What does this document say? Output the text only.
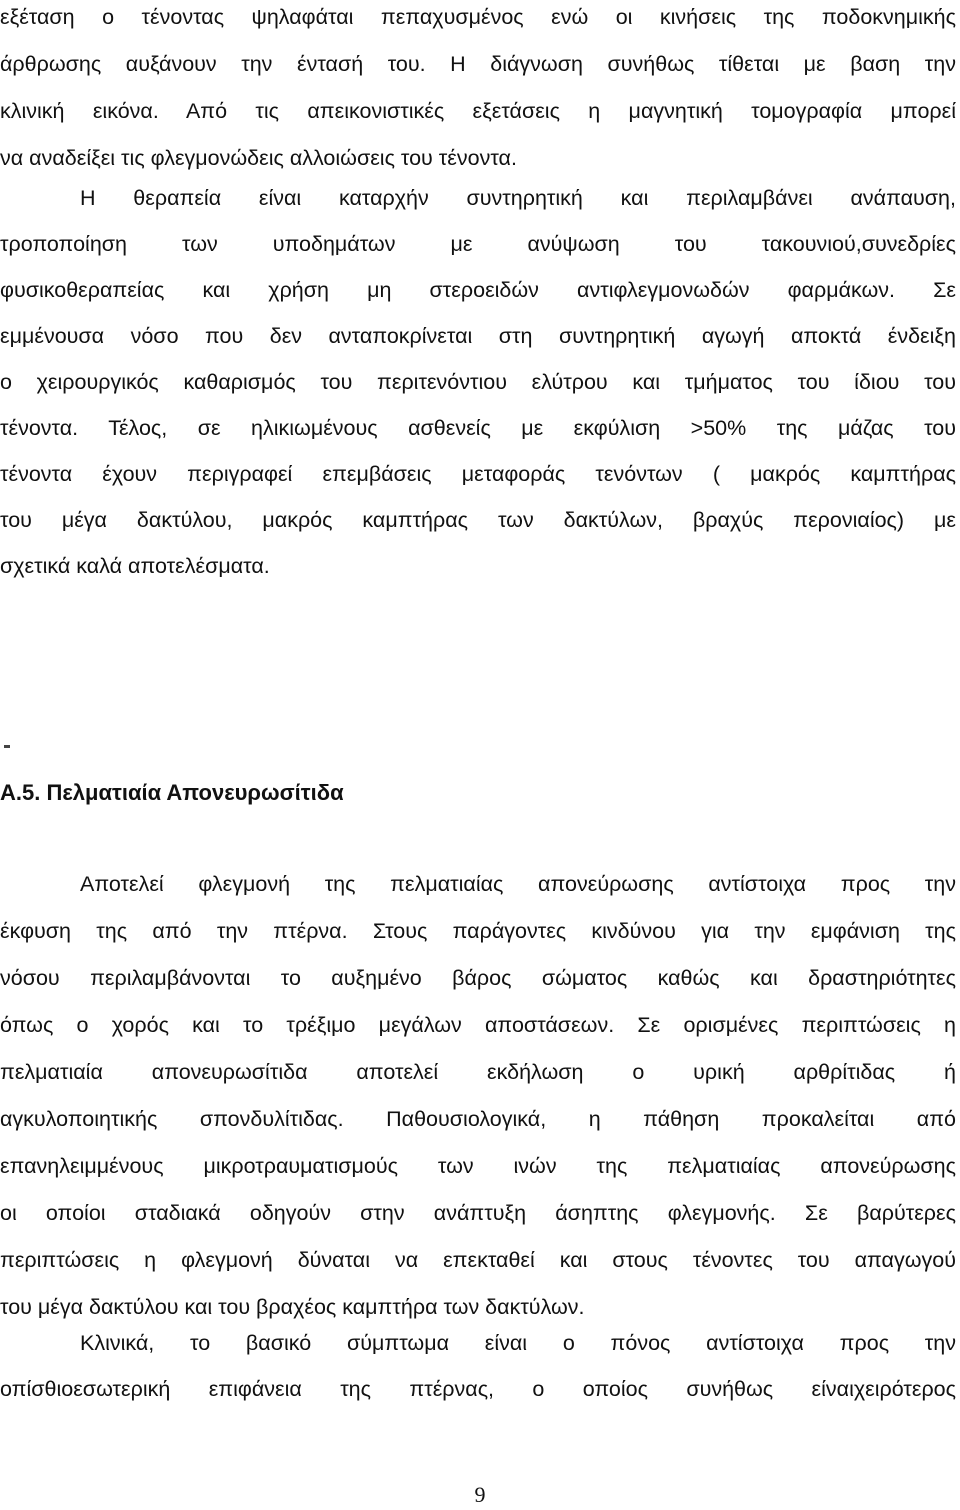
εξέταση ο τένοντας ψηλαφάται πεπαχυσμένος ενώ οι κινήσεις της ποδοκνημικής
άρθρωσης αυξάνουν την έντασή του. Η διάγνωση συνήθως τίθεται με βαση την
κλινική εικόνα. Από τις απεικονιστικές εξετάσεις η μαγνητική τομογραφία μπορεί
να αναδείξει τις φλεγμονώδεις αλλοιώσεις του τένοντα.
Η θεραπεία είναι καταρχήν συντηρητική και περιλαμβάνει ανάπαυση,
τροποποίηση των υποδημάτων με ανύψωση του τακουνιού,συνεδρίες
φυσικοθεραπείας και χρήση μη στεροειδών αντιφλεγμονωδών φαρμάκων. Σε
εμμένουσα νόσο που δεν ανταποκρίνεται στη συντηρητική αγωγή αποκτά ένδειξη
ο χειρουργικός καθαρισμός του περιτενόντιου ελύτρου και τμήματος του ίδιου του
τένοντα. Τέλος, σε ηλικιωμένους ασθενείς με εκφύλιση >50% της μάζας του
τένοντα έχουν περιγραφεί επεμβάσεις μεταφοράς τενόντων ( μακρός καμπτήρας
του μέγα δακτύλου, μακρός καμπτήρας των δακτύλων, βραχύς περονιαίος) με
σχετικά καλά αποτελέσματα.
Α.5. Πελματιαία Απονευρωσίτιδα
Αποτελεί φλεγμονή της πελματιαίας απονεύρωσης αντίστοιχα προς την
έκφυση της από την πτέρνα. Στους παράγοντες κινδύνου για την εμφάνιση της
νόσου περιλαμβάνονται το αυξημένο βάρος σώματος καθώς και δραστηριότητες
όπως ο χορός και το τρέξιμο μεγάλων αποστάσεων. Σε ορισμένες περιπτώσεις η
πελματιαία απονευρωσίτιδα αποτελεί εκδήλωση ο υρική αρθρίτιδας ή
αγκυλοποιητικής σπονδυλίτιδας. Παθουσιολογικά, η πάθηση προκαλείται από
επανηλειμμένους μικροτραυματισμούς των ινών της πελματιαίας απονεύρωσης
οι οποίοι σταδιακά οδηγούν στην ανάπτυξη άσηπτης φλεγμονής. Σε βαρύτερες
περιπτώσεις η φλεγμονή δύναται να επεκταθεί και στους τένοντες του απαγωγού
του μέγα δακτύλου και του βραχέος καμπτήρα των δακτύλων.
Κλινικά, το βασικό σύμπτωμα είναι ο πόνος αντίστοιχα προς την
οπίσθιοεσωτερική επιφάνεια της πτέρνας, ο οποίος συνήθως είναιχειρότερος
9
